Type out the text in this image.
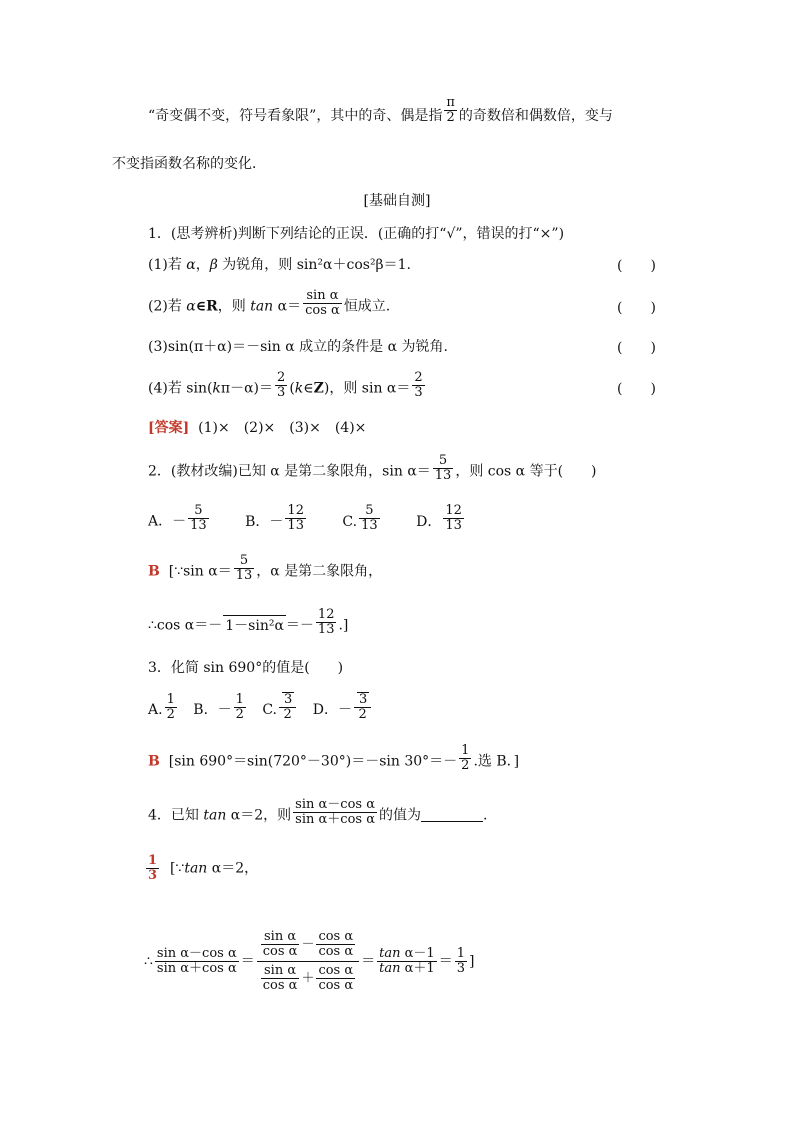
“奇变偶不变，符号看象限”，其中的奇、偶是指 $\frac{\pi}{2}$ 的奇数倍和偶数倍，变与
不变指函数名称的变化．
[基础自测]
1．(思考辨析)判断下列结论的正误．(正确的打“√”，错误的打“×”)
(1)若 α，β 为锐角，则 sin²α＋cos²β＝1.	(　　)
(2)若 α∈R，则 $\tan \alpha= \frac{\text{sin α}}{\text{cos α}}$ 恒成立.	(　　)
(3)sin(π＋α)＝－sin α 成立的条件是 α 为锐角.	(　　)
(4)若 $\sin(k\pi-\alpha)= \frac{2}{3}$ (k∈Z)，则 $\sin \alpha= \frac{2}{3}$	(　　)
[答案] (1)×　(2)×　(3)×　(4)×
2．(教材改编)已知 α 是第二象限角，$\sin \alpha= \frac{5}{13}$ ，则 cos α 等于(　　)
A．－ $\frac{5}{13}$	B．－ $\frac{12}{13}$	C. $\frac{5}{13}$	D． $\frac{12}{13}$
B [∵sin $\alpha= \frac{5}{13}$ ，α 是第二象限角，
∴cos $\alpha=- 1-\sin^2\alpha =- \frac{12}{13}$ .]
3．化简 sin 690°的值是(　　)
A. $\frac{1}{2}$ B．－ $\frac{1}{2} C$. $\frac{3}{2}$ D．－ $\frac{3}{2}$
B [sin 690°＝sin(720°－30°)＝－sin $30^\circ=- \frac{1}{2}$ .选 B．]
4．已知 tan α＝2，则 $\frac{\text{sin α－cos α}}{\text{sin α＋cos α}}$ 的值为	.
$\frac{1}{3}$ [∵tan α＝2，
∴ $\frac{\text{sin α－cos α}}{\text{sin α＋cos α}} = \frac{\frac{\text{sin α}}{\text{cos α}} - \frac{\text{cos α}}{\text{cos α}}}{\frac{\text{sin α}}{\text{cos α}} + \frac{\text{cos α}}{\text{cos α}}} = \frac{\text{tan α－1}}{\text{tan α＋1}} = \frac{1}{3}$ ]
